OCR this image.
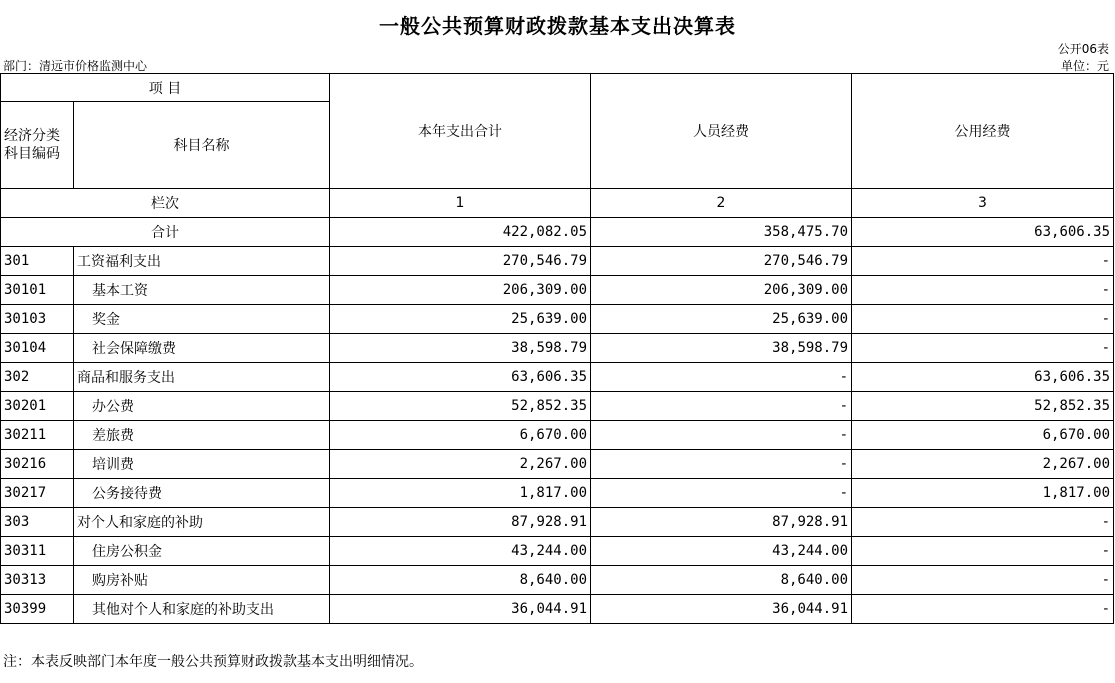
一般公共预算财政拨款基本支出决算表
公开06表
部门：清远市价格监测中心	单位：元
项 目		本年支出合计	人员经费	公用经费
经济分类科目编码	科目名称			
栏次		1	2	3
合计		422,082.05	358,475.70	63,606.35
301	工资福利支出	270,546.79	270,546.79	-
30101	基本工资	206,309.00	206,309.00	-
30103	奖金	25,639.00	25,639.00	-
30104	社会保障缴费	38,598.79	38,598.79	-
302	商品和服务支出	63,606.35	-	63,606.35
30201	办公费	52,852.35	-	52,852.35
30211	差旅费	6,670.00	-	6,670.00
30216	培训费	2,267.00	-	2,267.00
30217	公务接待费	1,817.00	-	1,817.00
303	对个人和家庭的补助	87,928.91	87,928.91	-
30311	住房公积金	43,244.00	43,244.00	-
30313	购房补贴	8,640.00	8,640.00	-
30399	其他对个人和家庭的补助支出	36,044.91	36,044.91	-
注：本表反映部门本年度一般公共预算财政拨款基本支出明细情况。
